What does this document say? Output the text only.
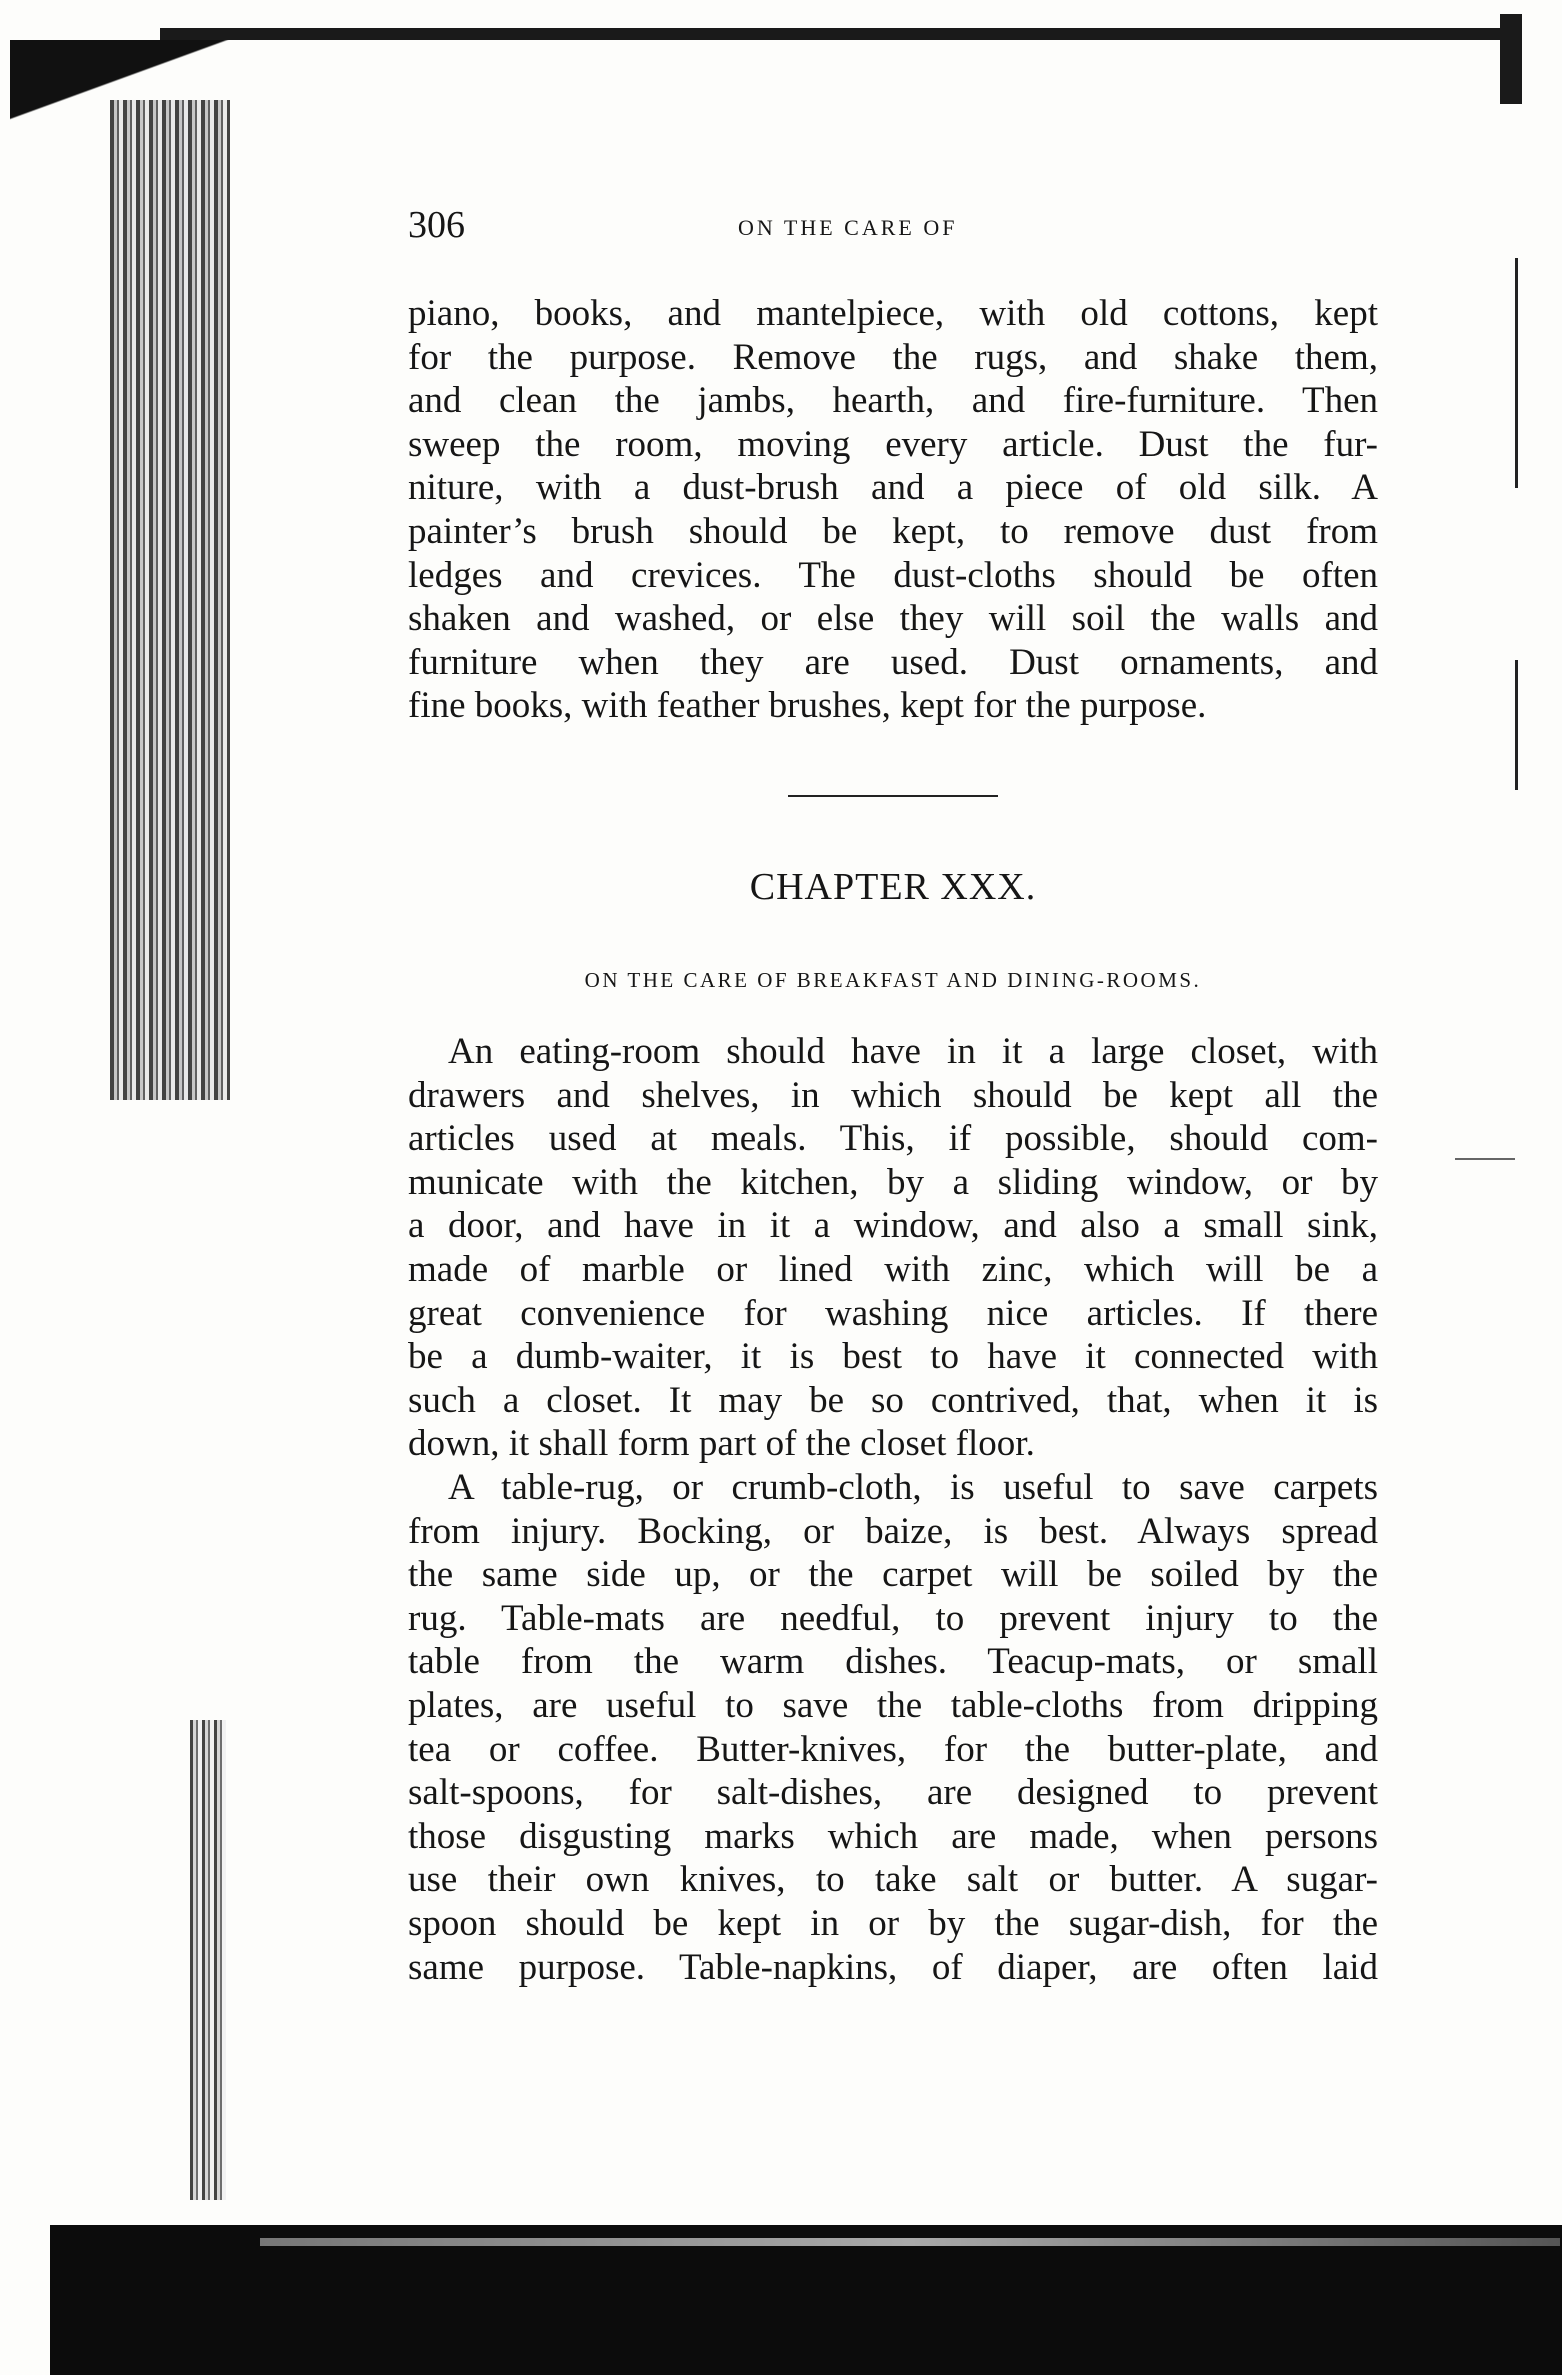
306	ON THE CARE OF
piano, books, and mantelpiece, with old cottons, kept
for the purpose. Remove the rugs, and shake them,
and clean the jambs, hearth, and fire-furniture. Then
sweep the room, moving every article. Dust the fur-
niture, with a dust-brush and a piece of old silk. A
painter’s brush should be kept, to remove dust from
ledges and crevices. The dust-cloths should be often
shaken and washed, or else they will soil the walls and
furniture when they are used. Dust ornaments, and
fine books, with feather brushes, kept for the purpose.
CHAPTER XXX.
ON THE CARE OF BREAKFAST AND DINING-ROOMS.
An eating-room should have in it a large closet, with
drawers and shelves, in which should be kept all the
articles used at meals. This, if possible, should com-
municate with the kitchen, by a sliding window, or by
a door, and have in it a window, and also a small sink,
made of marble or lined with zinc, which will be a
great convenience for washing nice articles. If there
be a dumb-waiter, it is best to have it connected with
such a closet. It may be so contrived, that, when it is
down, it shall form part of the closet floor.
A table-rug, or crumb-cloth, is useful to save carpets
from injury. Bocking, or baize, is best. Always spread
the same side up, or the carpet will be soiled by the
rug. Table-mats are needful, to prevent injury to the
table from the warm dishes. Teacup-mats, or small
plates, are useful to save the table-cloths from dripping
tea or coffee. Butter-knives, for the butter-plate, and
salt-spoons, for salt-dishes, are designed to prevent
those disgusting marks which are made, when persons
use their own knives, to take salt or butter. A sugar-
spoon should be kept in or by the sugar-dish, for the
same purpose. Table-napkins, of diaper, are often laid
